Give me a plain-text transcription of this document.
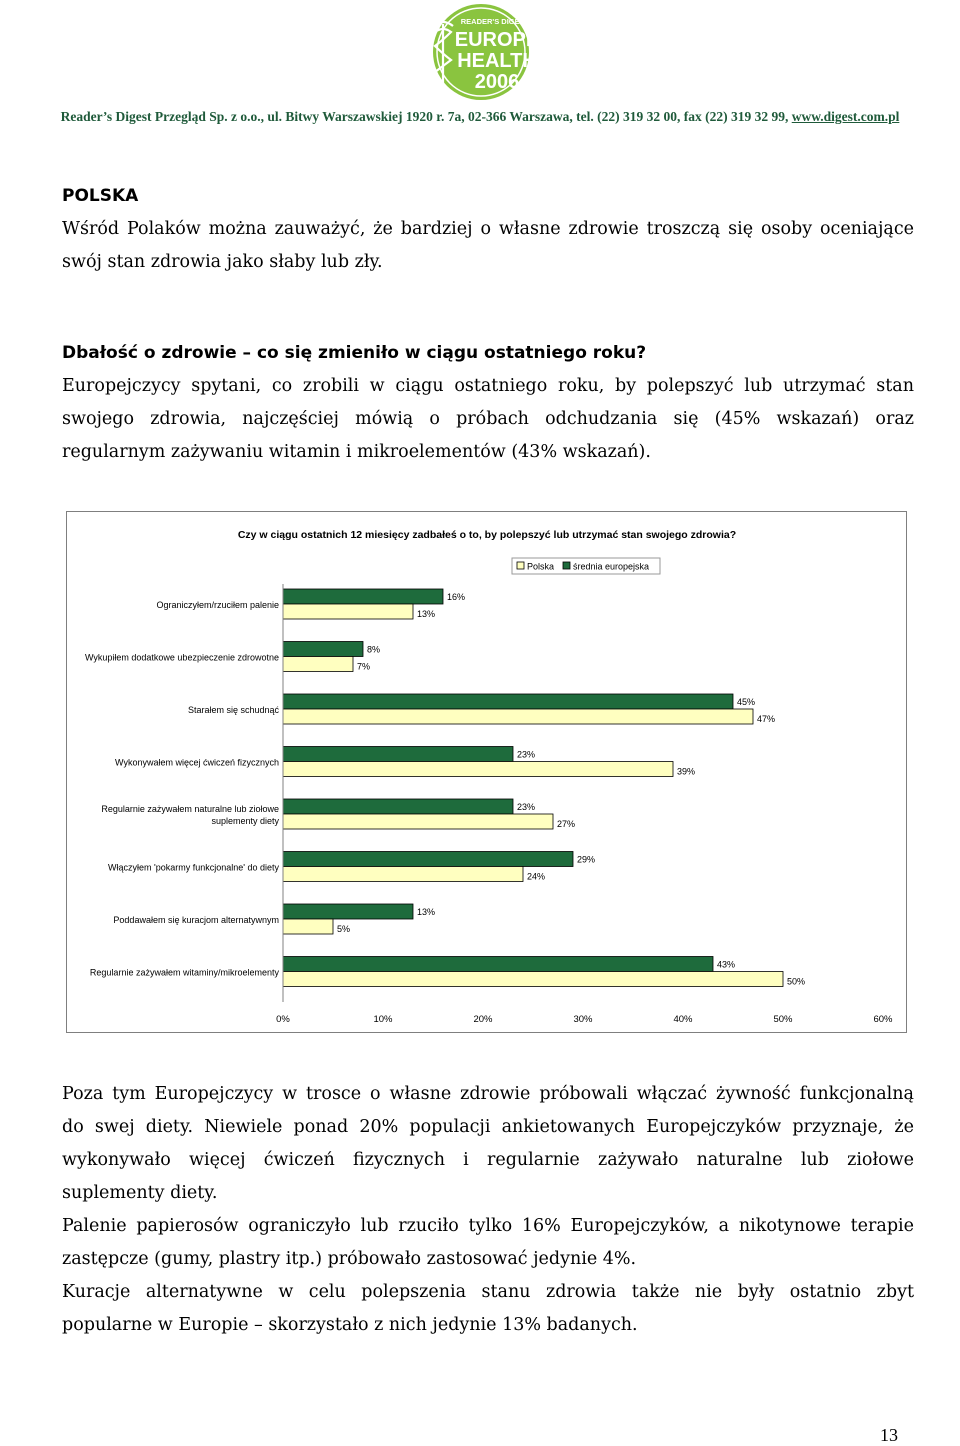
READER'S DIGEST
EUROPE
HEALTH
2006
Reader’s Digest Przegląd Sp. z o.o., ul. Bitwy Warszawskiej 1920 r. 7a, 02-366 Warszawa, tel. (22) 319 32 00, fax (22) 319 32 99, www.digest.com.pl
POLSKA
Wśród Polaków można zauważyć, że bardziej o własne zdrowie troszczą się osoby oceniające
swój stan zdrowia jako słaby lub zły.
Dbałość o zdrowie – co się zmieniło w ciągu ostatniego roku?
Europejczycy spytani, co zrobili w ciągu ostatniego roku, by polepszyć lub utrzymać stan
swojego zdrowia, najczęściej mówią o próbach odchudzania się (45% wskazań) oraz
regularnym zażywaniu witamin i mikroelementów (43% wskazań).
Czy w ciągu ostatnich 12 miesięcy zadbałeś o to, by polepszyć lub utrzymać stan swojego zdrowia?
Polska średnia europejska
Ograniczyłem/rzuciłem palenie
16%
13%
Wykupiłem dodatkowe ubezpieczenie zdrowotne
8%
7%
Starałem się schudnąć
45%
47%
Wykonywałem więcej ćwiczeń fizycznych
23%
39%
Regularnie zażywałem naturalne lub ziołowe
suplementy diety
23%
27%
Włączyłem 'pokarmy funkcjonalne' do diety
29%
24%
Poddawałem się kuracjom alternatywnym
13%
5%
Regularnie zażywałem witaminy/mikroelementy
43%
50%
0%	10%	20%	30%	40%	50%	60%
Poza tym Europejczycy w trosce o własne zdrowie próbowali włączać żywność funkcjonalną
do swej diety. Niewiele ponad 20% populacji ankietowanych Europejczyków przyznaje, że
wykonywało więcej ćwiczeń fizycznych i regularnie zażywało naturalne lub ziołowe
suplementy diety.
Palenie papierosów ograniczyło lub rzuciło tylko 16% Europejczyków, a nikotynowe terapie
zastępcze (gumy, plastry itp.) próbowało zastosować jedynie 4%.
Kuracje alternatywne w celu polepszenia stanu zdrowia także nie były ostatnio zbyt
popularne w Europie – skorzystało z nich jedynie 13% badanych.
13
